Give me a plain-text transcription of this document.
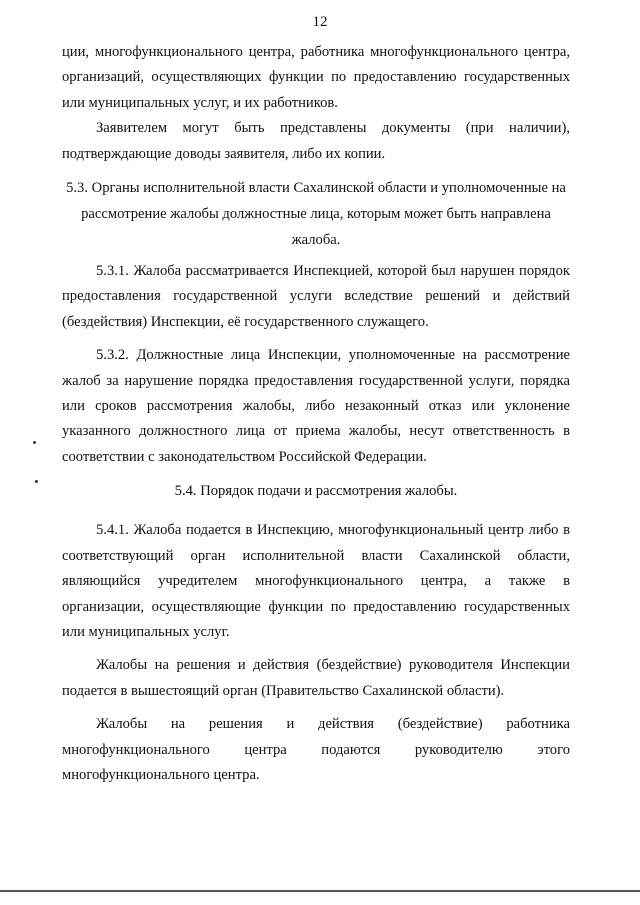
12

ции, многофункционального центра, работника многофункционального центра, организаций, осуществляющих функции по предоставлению государственных или муниципальных услуг, и их работников.

Заявителем могут быть представлены документы (при наличии), подтверждающие доводы заявителя, либо их копии.

5.3. Органы исполнительной власти Сахалинской области и уполномоченные на рассмотрение жалобы должностные лица, которым может быть направлена жалоба.

5.3.1. Жалоба рассматривается Инспекцией, которой был нарушен порядок предоставления государственной услуги вследствие решений и действий (бездействия) Инспекции, её государственного служащего.

5.3.2. Должностные лица Инспекции, уполномоченные на рассмотрение жалоб за нарушение порядка предоставления государственной услуги, порядка или сроков рассмотрения жалобы, либо незаконный отказ или уклонение указанного должностного лица от приема жалобы, несут ответственность в соответствии с законодательством Российской Федерации.

5.4. Порядок подачи и рассмотрения жалобы.

5.4.1. Жалоба подается в Инспекцию, многофункциональный центр либо в соответствующий орган исполнительной власти Сахалинской области, являющийся учредителем многофункционального центра, а также в организации, осуществляющие функции по предоставлению государственных или муниципальных услуг.

Жалобы на решения и действия (бездействие) руководителя Инспекции подается в вышестоящий орган (Правительство Сахалинской области).

Жалобы на решения и действия (бездействие) работника многофункционального центра подаются руководителю этого многофункционального центра.
